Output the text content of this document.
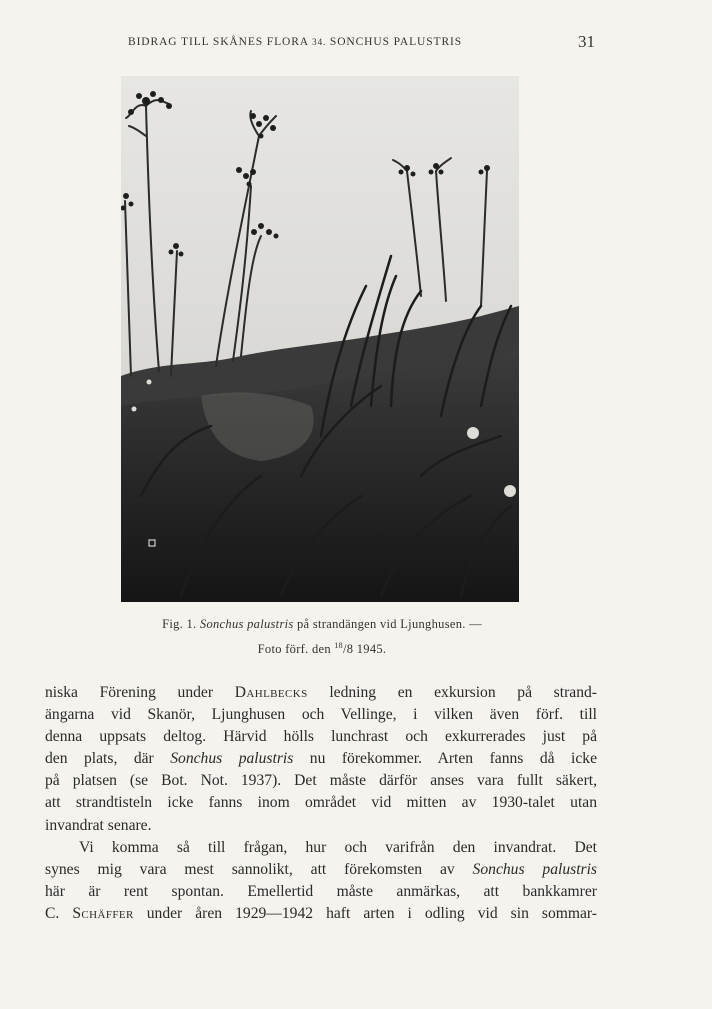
BIDRAG TILL SKÅNES FLORA 34. SONCHUS PALUSTRIS	31
Fig. 1. Sonchus palustris på strandängen vid Ljunghusen. —
Foto förf. den $^{18}$/8 1945.
niska Förening under Dahlbecks ledning en exkursion på strand-
ängarna vid Skanör, Ljunghusen och Vellinge, i vilken även förf. till
denna uppsats deltog. Härvid hölls lunchrast och exkurrerades just på
den plats, där Sonchus palustris nu förekommer. Arten fanns då icke
på platsen (se Bot. Not. 1937). Det måste därför anses vara fullt säkert,
att strandtisteln icke fanns inom området vid mitten av 1930-talet utan
invandrat senare.
Vi komma så till frågan, hur och varifrån den invandrat. Det
synes mig vara mest sannolikt, att förekomsten av Sonchus palustris
här är rent spontan. Emellertid måste anmärkas, att bankkamrer
C. Schäffer under åren 1929—1942 haft arten i odling vid sin sommar-
